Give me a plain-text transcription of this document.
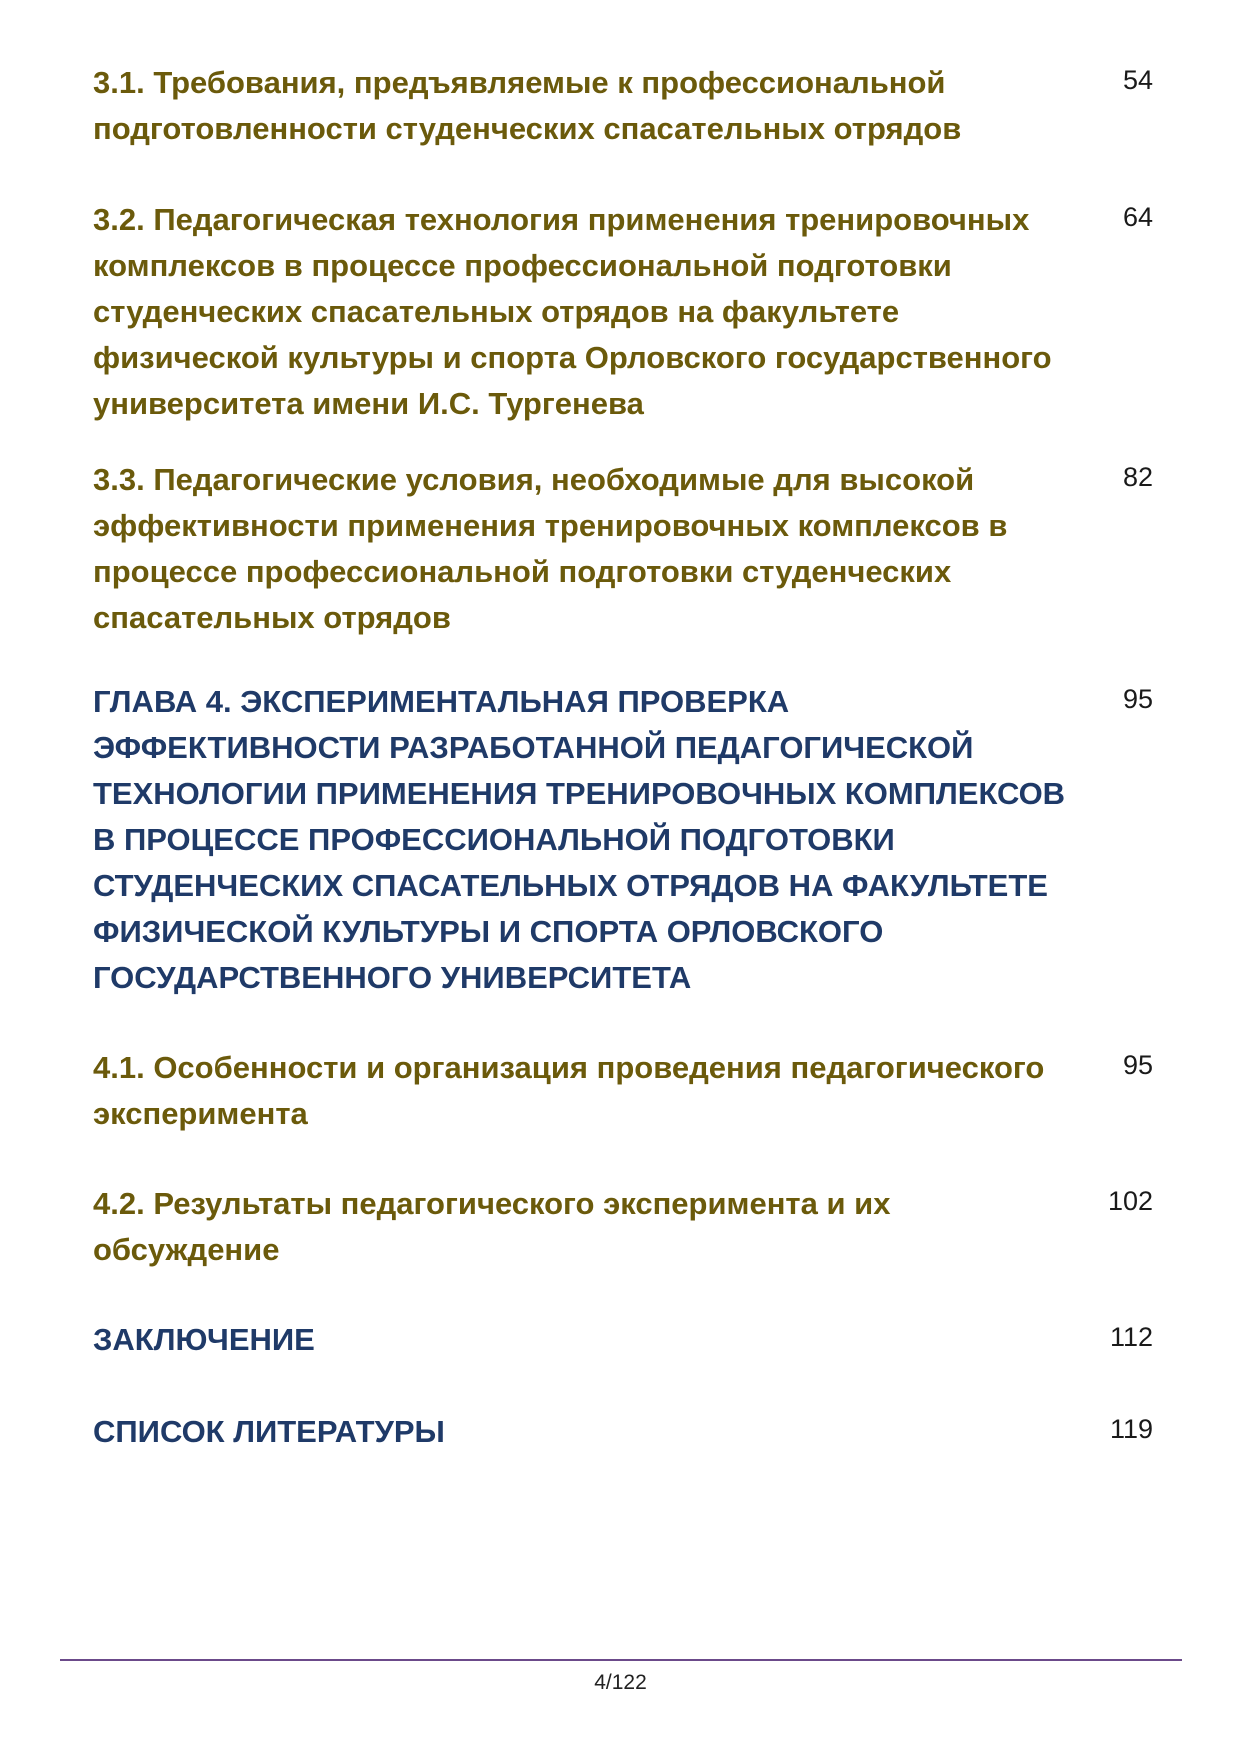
3.1. Требования, предъявляемые к профессиональной подготовленности студенческих спасательных отрядов

54

3.2. Педагогическая технология применения тренировочных комплексов в процессе профессиональной подготовки студенческих спасательных отрядов на факультете физической культуры и спорта Орловского государственного университета имени И.С. Тургенева

64

3.3. Педагогические условия, необходимые для высокой эффективности применения тренировочных комплексов в процессе профессиональной подготовки студенческих спасательных отрядов

82

ГЛАВА 4. ЭКСПЕРИМЕНТАЛЬНАЯ ПРОВЕРКА ЭФФЕКТИВНОСТИ РАЗРАБОТАННОЙ ПЕДАГОГИЧЕСКОЙ ТЕХНОЛОГИИ ПРИМЕНЕНИЯ ТРЕНИРОВОЧНЫХ КОМПЛЕКСОВ В ПРОЦЕССЕ ПРОФЕССИОНАЛЬНОЙ ПОДГОТОВКИ СТУДЕНЧЕСКИХ СПАСАТЕЛЬНЫХ ОТРЯДОВ НА ФАКУЛЬТЕТЕ ФИЗИЧЕСКОЙ КУЛЬТУРЫ И СПОРТА ОРЛОВСКОГО ГОСУДАРСТВЕННОГО УНИВЕРСИТЕТА

95

4.1. Особенности и организация проведения педагогического эксперимента

95

4.2. Результаты педагогического эксперимента и их обсуждение

102

ЗАКЛЮЧЕНИЕ	112

СПИСОК ЛИТЕРАТУРЫ	119

4/122
